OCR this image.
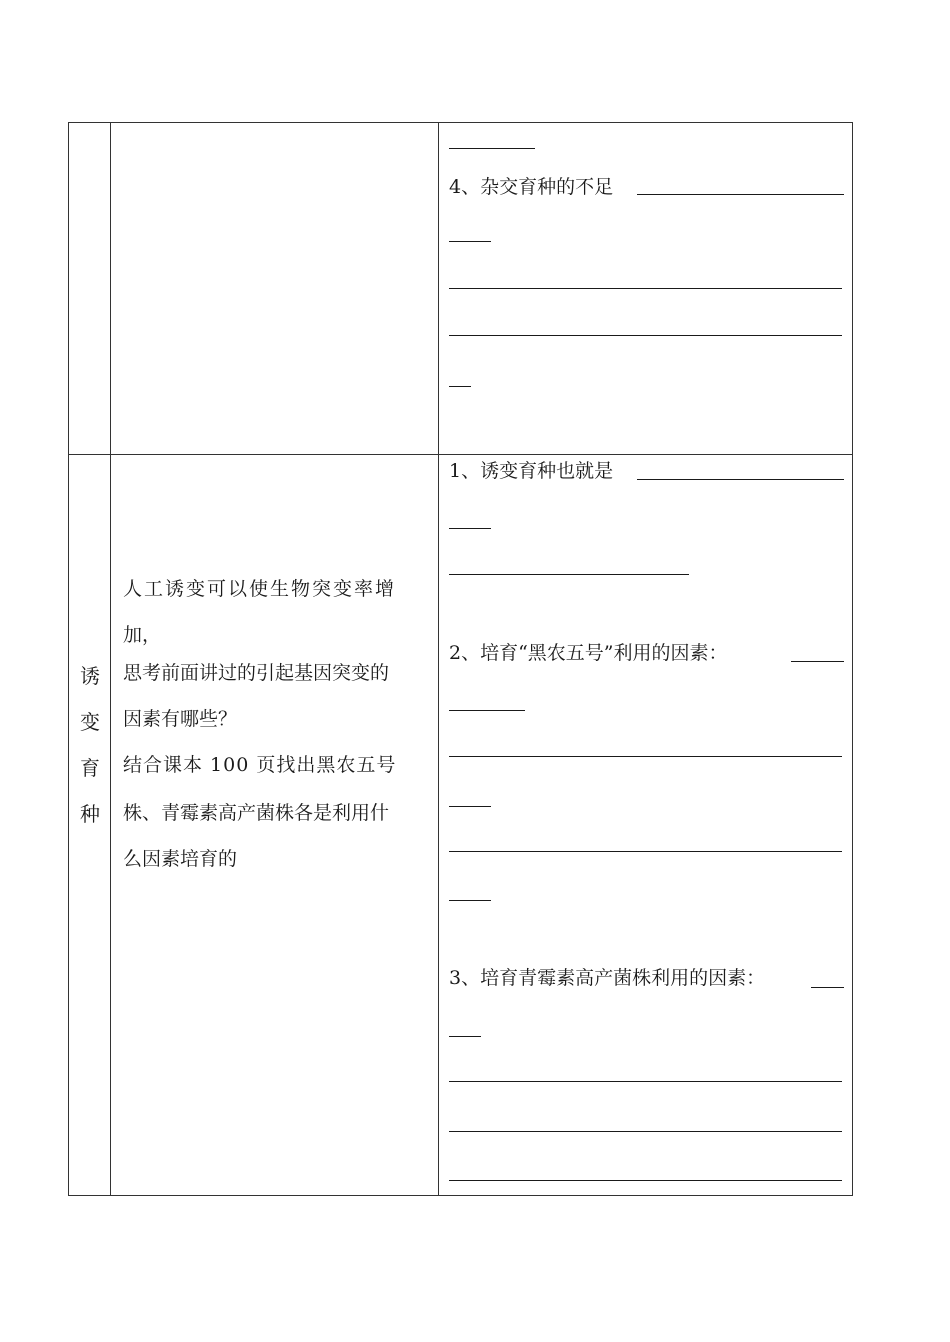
4、杂交育种的不足
诱
变
育
种
人工诱变可以使生物突变率增
加，
思考前面讲过的引起基因突变的
因素有哪些？
结合课本 100 页找出黑农五号
株、青霉素高产菌株各是利用什
么因素培育的
1、诱变育种也就是
2、培育“黑农五号”利用的因素：
3、培育青霉素高产菌株利用的因素：
